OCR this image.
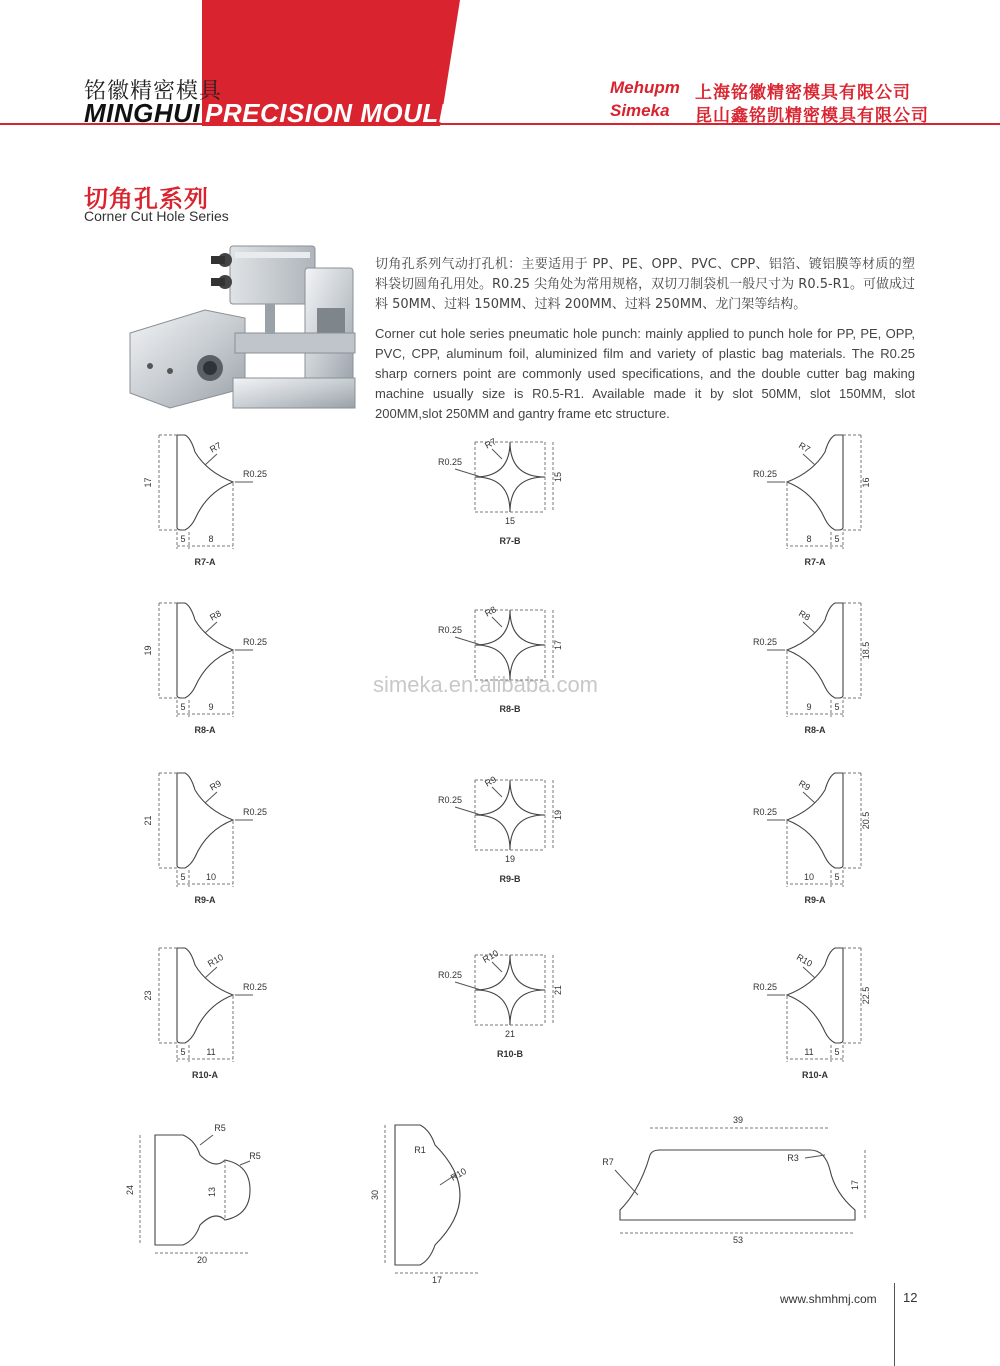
铭徽精密模具
MINGHUI PRECISION MOULD
Mehupm 上海铭徽精密模具有限公司
Simeka 昆山鑫铭凯精密模具有限公司
切角孔系列
Corner Cut Hole Series
切角孔系列气动打孔机：主要适用于 PP、PE、OPP、PVC、CPP、铝箔、镀铝膜等材质的塑料袋切圆角孔用处。R0.25 尖角处为常用规格，双切刀制袋机一般尺寸为 R0.5-R1。可做成过料 50MM、过料 150MM、过料 200MM、过料 250MM、龙门架等结构。
Corner cut hole series pneumatic hole punch: mainly applied to punch hole for PP, PE, OPP, PVC, CPP, aluminum foil, aluminized film and variety of plastic bag materials. The R0.25 sharp corners point are commonly used specifications, and the double cutter bag making machine usually size is R0.5-R1. Available made it by slot 50MM, slot 150MM, slot 200MM,slot 250MM and gantry frame etc structure.
simeka.en.alibaba.com
17
5	8
R7
R0.25
R7-A
15
15
R7
R0.25
R7-B
16
5
8
R7
R0.25
R7-A
19
5	9
R8
R0.25
R8-A
17
R8
R0.25
R8-B
18.5
5
9
R8
R0.25
R8-A
21
5 10
R9
R0.25
R9-A
19
19
R9
R0.25
R9-B
20.5
5
10
R9
R0.25
R9-A
23
5 11
R10
R0.25
R10-A
21
21
R10
R0.25
R10-B
22.5
5
11
R10
R0.25
R10-A
24	13
20
R5
R5
30
17
R1
R10
39
17
53
R7	R3
www.shmhmj.com 12
